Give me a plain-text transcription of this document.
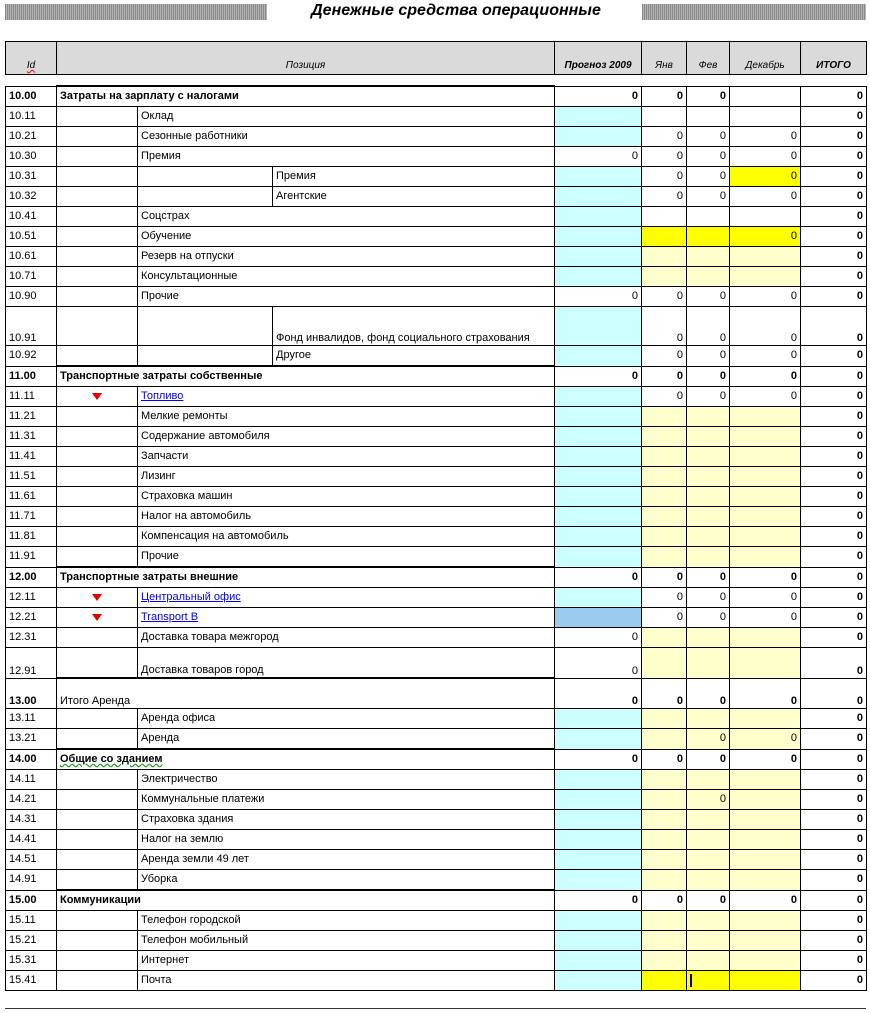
Денежные средства операционные
Id	Позиция			Прогноз 2009	Янв	Фев	Декабрь	ИТОГО

10.00	Затраты на зарплату с налогами			0	0	0		0
10.11		Оклад						0
10.21		Сезонные работники			0	0	0	0
10.30		Премия		0	0	0	0	0
10.31			Премия		0	0	0	0
10.32			Агентские		0	0	0	0
10.41		Соцстрах						0
10.51		Обучение					0	0
10.61		Резерв на отпуски						0
10.71		Консультационные						0
10.90		Прочие		0	0	0	0	0
10.91			Фонд инвалидов, фонд социального страхования		0	0	0	0
10.92			Другое		0	0	0	0
11.00	Транспортные затраты собственные			0	0	0	0	0
11.11		Топливо			0	0	0	0
11.21		Мелкие ремонты						0
11.31		Содержание автомобиля						0
11.41		Запчасти						0
11.51		Лизинг						0
11.61		Страховка машин						0
11.71		Налог на автомобиль						0
11.81		Компенсация на автомобиль						0
11.91		Прочие						0
12.00	Транспортные затраты внешние			0	0	0	0	0
12.11		Центральный офис			0	0	0	0
12.21		Transport B			0	0	0	0
12.31		Доставка товара межгород		0				0
12.91		Доставка товаров город		0				0
13.00	Итого Аренда			0	0	0	0	0
13.11		Аренда офиса						0
13.21		Аренда				0	0	0
14.00	Общие со зданием			0	0	0	0	0
14.11		Электричество						0
14.21		Коммунальные платежи				0		0
14.31		Страховка здания						0
14.41		Налог на землю						0
14.51		Аренда земли 49 лет						0
14.91		Уборка						0
15.00	Коммуникации			0	0	0	0	0
15.11		Телефон городской						0
15.21		Телефон мобильный						0
15.31		Интернет						0
15.41		Почта						0
